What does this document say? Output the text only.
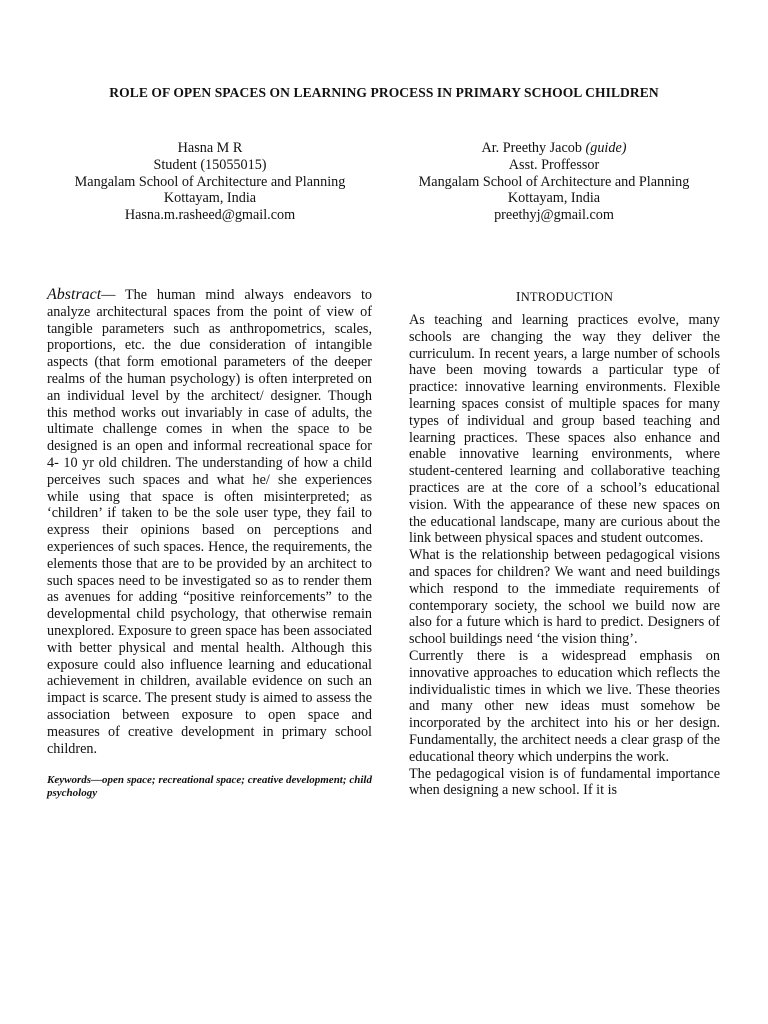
ROLE OF OPEN SPACES ON LEARNING PROCESS IN PRIMARY SCHOOL CHILDREN
Hasna M R
Student (15055015)
Mangalam School of Architecture and Planning
Kottayam, India
Hasna.m.rasheed@gmail.com
Ar. Preethy Jacob (guide)
Asst. Proffessor
Mangalam School of Architecture and Planning
Kottayam, India
preethyj@gmail.com

Abstract— The human mind always endeavors to analyze architectural spaces from the point of view of tangible parameters such as anthropometrics, scales, proportions, etc. the due consideration of intangible aspects (that form emotional parameters of the deeper realms of the human psychology) is often interpreted on an individual level by the architect/ designer. Though this method works out invariably in case of adults, the ultimate challenge comes in when the space to be designed is an open and informal recreational space for 4- 10 yr old children. The understanding of how a child perceives such spaces and what he/ she experiences while using that space is often misinterpreted; as ‘children’ if taken to be the sole user type, they fail to express their opinions based on perceptions and experiences of such spaces. Hence, the requirements, the elements those that are to be provided by an architect to such spaces need to be investigated so as to render them as avenues for adding “positive reinforcements” to the developmental child psychology, that otherwise remain unexplored. Exposure to green space has been associated with better physical and mental health. Although this exposure could also influence learning and educational achievement in children, available evidence on such an impact is scarce. The present study is aimed to assess the association between exposure to open space and measures of creative development in primary school children.

Keywords—open space; recreational space; creative development; child psychology

INTRODUCTION

As teaching and learning practices evolve, many schools are changing the way they deliver the curriculum. In recent years, a large number of schools have been moving towards a particular type of practice: innovative learning environments. Flexible learning spaces consist of multiple spaces for many types of individual and group based teaching and learning practices. These spaces also enhance and enable innovative learning environments, where student-centered learning and collaborative teaching practices are at the core of a school’s educational vision. With the appearance of these new spaces on the educational landscape, many are curious about the link between physical spaces and student outcomes.

What is the relationship between pedagogical visions and spaces for children? We want and need buildings which respond to the immediate requirements of contemporary society, the school we build now are also for a future which is hard to predict. Designers of school buildings need ‘the vision thing’.

Currently there is a widespread emphasis on innovative approaches to education which reflects the individualistic times in which we live. These theories and many other new ideas must somehow be incorporated by the architect into his or her design. Fundamentally, the architect needs a clear grasp of the educational theory which underpins the work.

The pedagogical vision is of fundamental importance when designing a new school. If it is
